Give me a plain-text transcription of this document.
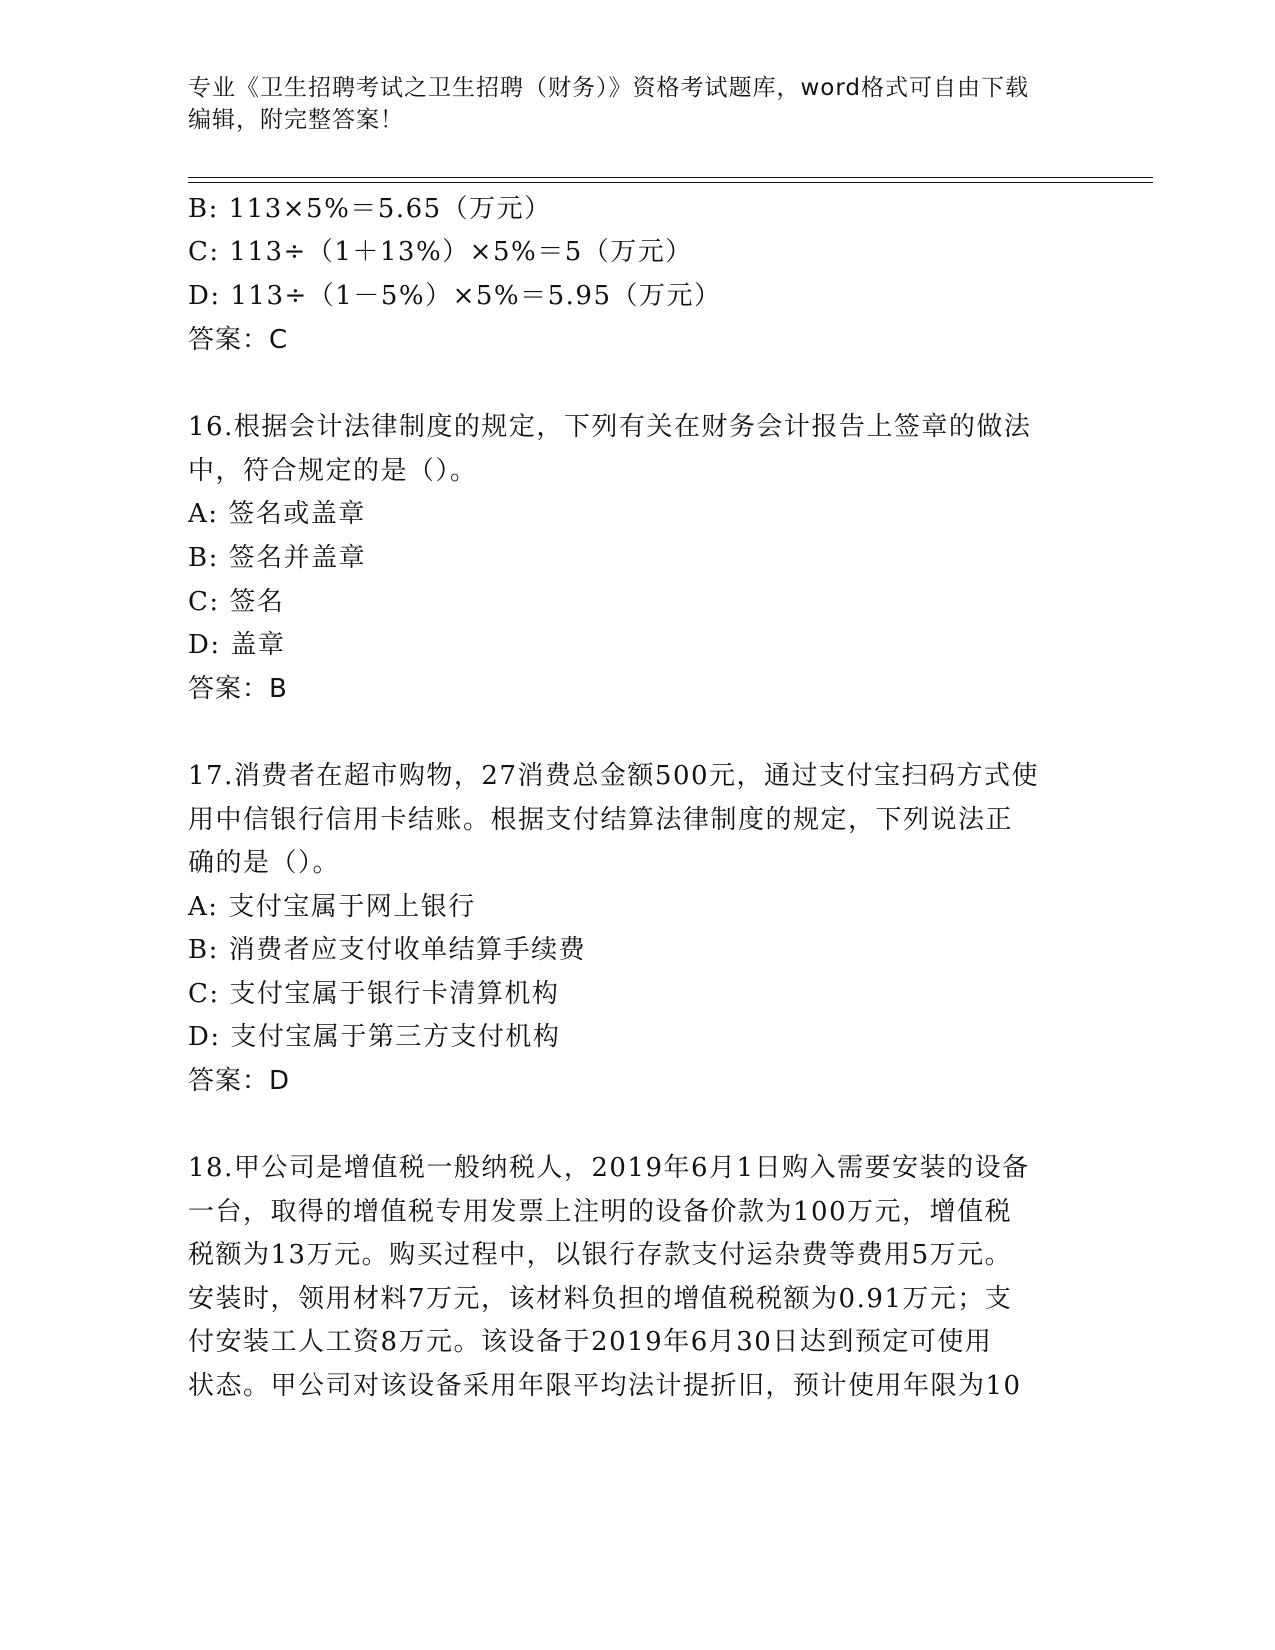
专业《卫生招聘考试之卫生招聘（财务）》资格考试题库，word格式可自由下载
编辑，附完整答案！
B: 113×5%＝5.65（万元）
C: 113÷（1＋13%）×5%＝5（万元）
D: 113÷（1－5%）×5%＝5.95（万元）
答案：C
16.根据会计法律制度的规定，下列有关在财务会计报告上签章的做法
中，符合规定的是（）。
A: 签名或盖章
B: 签名并盖章
C: 签名
D: 盖章
答案：B
17.消费者在超市购物，27消费总金额500元，通过支付宝扫码方式使
用中信银行信用卡结账。根据支付结算法律制度的规定，下列说法正
确的是（）。
A: 支付宝属于网上银行
B: 消费者应支付收单结算手续费
C: 支付宝属于银行卡清算机构
D: 支付宝属于第三方支付机构
答案：D
18.甲公司是增值税一般纳税人，2019年6月1日购入需要安装的设备
一台，取得的增值税专用发票上注明的设备价款为100万元，增值税
税额为13万元。购买过程中，以银行存款支付运杂费等费用5万元。
安装时，领用材料7万元，该材料负担的增值税税额为0.91万元；支
付安装工人工资8万元。该设备于2019年6月30日达到预定可使用
状态。甲公司对该设备采用年限平均法计提折旧，预计使用年限为10
